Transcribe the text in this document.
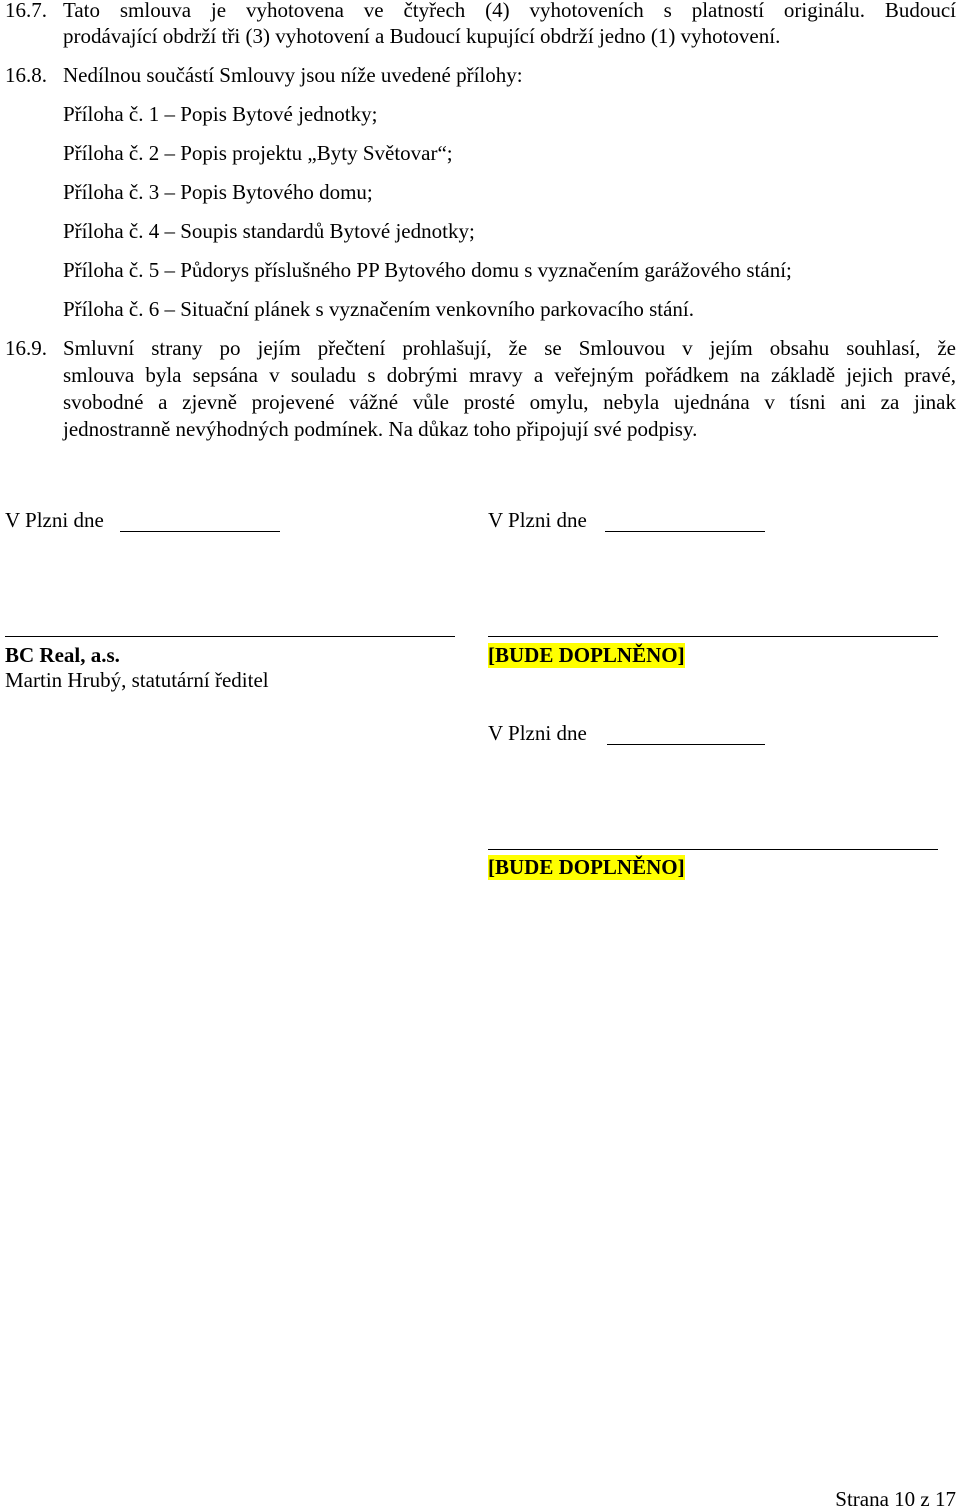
16.7. Tato smlouva je vyhotovena ve čtyřech (4) vyhotoveních s platností originálu. Budoucí
prodávající obdrží tři (3) vyhotovení a Budoucí kupující obdrží jedno (1) vyhotovení.
16.8. Nedílnou součástí Smlouvy jsou níže uvedené přílohy:
Příloha č. 1 – Popis Bytové jednotky;
Příloha č. 2 – Popis projektu „Byty Světovar“;
Příloha č. 3 – Popis Bytového domu;
Příloha č. 4 – Soupis standardů Bytové jednotky;
Příloha č. 5 – Půdorys příslušného PP Bytového domu s vyznačením garážového stání;
Příloha č. 6 – Situační plánek s vyznačením venkovního parkovacího stání.
16.9. Smluvní strany po jejím přečtení prohlašují, že se Smlouvou v jejím obsahu souhlasí, že
smlouva byla sepsána v souladu s dobrými mravy a veřejným pořádkem na základě jejich pravé,
svobodné a zjevně projevené vážné vůle prosté omylu, nebyla ujednána v tísni ani za jinak
jednostranně nevýhodných podmínek. Na důkaz toho připojují své podpisy.
V Plzni dne	V Plzni dne
BC Real, a.s.
Martin Hrubý, statutární ředitel
[BUDE DOPLNĚNO]
V Plzni dne
[BUDE DOPLNĚNO]
Strana 10 z 17
